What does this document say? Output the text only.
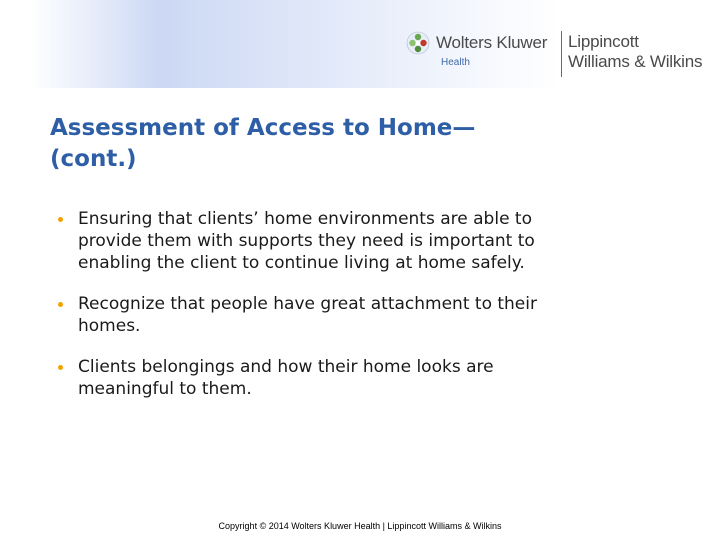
Wolters Kluwer
Health
Lippincott
Williams & Wilkins
Assessment of Access to Home—
(cont.)
Ensuring that clients’ home environments are able to
provide them with supports they need is important to
enabling the client to continue living at home safely.
Recognize that people have great attachment to their
homes.
Clients belongings and how their home looks are
meaningful to them.
Copyright © 2014 Wolters Kluwer Health | Lippincott Williams & Wilkins
